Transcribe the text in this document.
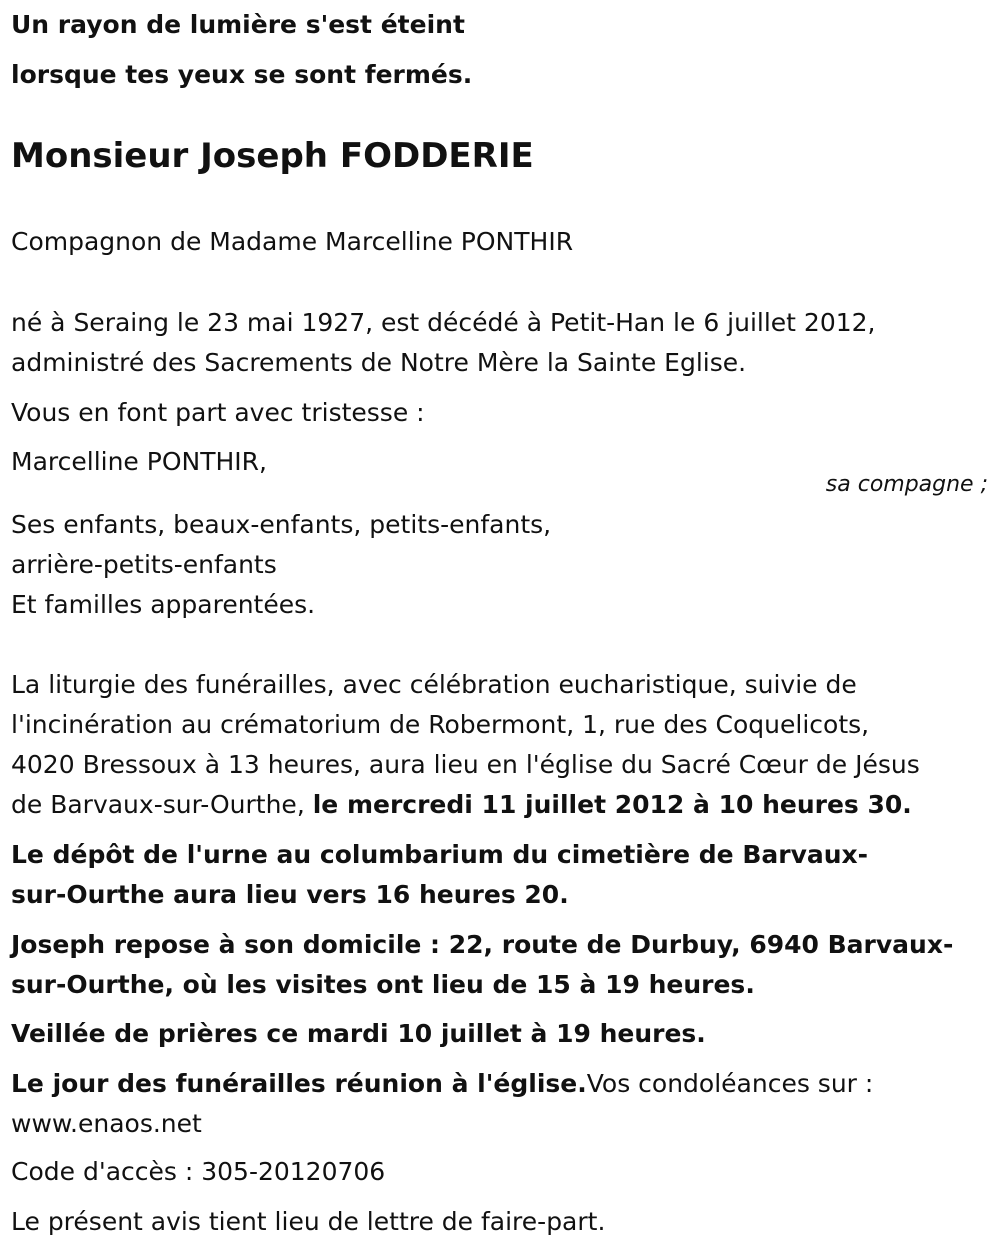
Un rayon de lumière s'est éteint
lorsque tes yeux se sont fermés.
Monsieur Joseph FODDERIE
Compagnon de Madame Marcelline PONTHIR
né à Seraing le 23 mai 1927, est décédé à Petit-Han le 6 juillet 2012,
administré des Sacrements de Notre Mère la Sainte Eglise.
Vous en font part avec tristesse :
Marcelline PONTHIR,
sa compagne ;
Ses enfants, beaux-enfants, petits-enfants,
arrière-petits-enfants
Et familles apparentées.
La liturgie des funérailles, avec célébration eucharistique, suivie de
l'incinération au crématorium de Robermont, 1, rue des Coquelicots,
4020 Bressoux à 13 heures, aura lieu en l'église du Sacré Cœur de Jésus
de Barvaux-sur-Ourthe, le mercredi 11 juillet 2012 à 10 heures 30.
Le dépôt de l'urne au columbarium du cimetière de Barvaux-
sur-Ourthe aura lieu vers 16 heures 20.
Joseph repose à son domicile : 22, route de Durbuy, 6940 Barvaux-
sur-Ourthe, où les visites ont lieu de 15 à 19 heures.
Veillée de prières ce mardi 10 juillet à 19 heures.
Le jour des funérailles réunion à l'église.Vos condoléances sur :
www.enaos.net
Code d'accès : 305-20120706
Le présent avis tient lieu de lettre de faire-part.
